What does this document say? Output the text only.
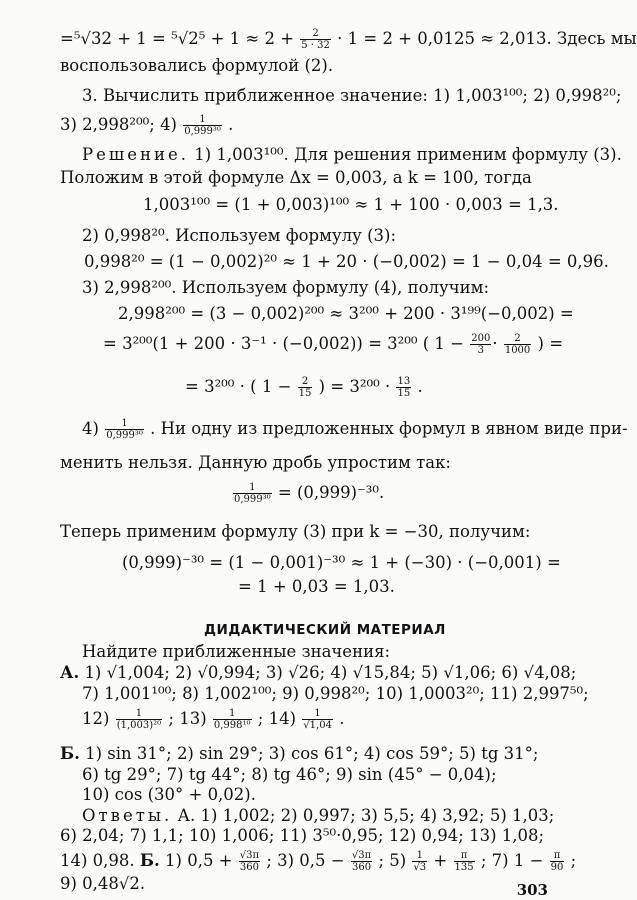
$=^5√32 + 1 = ^5√2^5 + 1 \approx 2 + \frac{2}{5 \cdot 32} \cdot 1 = 2 + 0,0125 \approx 2,013$. Здесь мы
воспользовались формулой (2).
3. Вычислить приближенное значение: 1) 1,003¹⁰⁰; 2) 0,998²⁰;
3) 2,998²⁰⁰; $4) \frac{1}{\text{0,999³⁰}}$ .
Решение. 1) 1,003¹⁰⁰. Для решения применим формулу (3).
Положим в этой формуле Δx = 0,003, а k = 100, тогда
1,003¹⁰⁰ = (1 + 0,003)¹⁰⁰ ≈ 1 + 100 · 0,003 = 1,3.
2) 0,998²⁰. Используем формулу (3):
0,998²⁰ = (1 − 0,002)²⁰ ≈ 1 + 20 · (−0,002) = 1 − 0,04 = 0,96.
3) 2,998²⁰⁰. Используем формулу (4), получим:
2,998²⁰⁰ = (3 − 0,002)²⁰⁰ ≈ 3²⁰⁰ + 200 · 3¹⁹⁹(−0,002) =
= 3²⁰⁰(1 + 200 · 3⁻¹ · (−0,002)) = 3²⁰⁰ ( $1 - \frac{200}{3} \cdot \frac{2}{1000}$ ) =
= 3²⁰⁰ · ( $1 - \frac{2}{15}$ ) = $3^{200} \cdot \frac{13}{15}$ .
$4) \frac{1}{\text{0,999³⁰}}$ . Ни одну из предложенных формул в явном виде при-
менить нельзя. Данную дробь упростим так:
$\frac{1}{\text{0,999³⁰}} = (0,999)^{-30}$.
Теперь применим формулу (3) при k = −30, получим:
(0,999)⁻³⁰ = (1 − 0,001)⁻³⁰ ≈ 1 + (−30) · (−0,001) =
= 1 + 0,03 = 1,03.
ДИДАКТИЧЕСКИЙ МАТЕРИАЛ
Найдите приближенные значения:
А. 1) √1,004; 2) √0,994; 3) √26; 4) √15,84; 5) √1,06; 6) √4,08;
7) 1,001¹⁰⁰; 8) 1,002¹⁰⁰; 9) 0,998²⁰; 10) 1,0003²⁰; 11) 2,997⁵⁰;
$12) \frac{1}{\text{(1,003)²⁰}}$ ; $13) \frac{1}{\text{0,998¹⁰}}$ ; $14) \frac{1}{√1,04}$ .
Б. 1) sin 31°; 2) sin 29°; 3) cos 61°; 4) cos 59°; 5) tg 31°;
6) tg 29°; 7) tg 44°; 8) tg 46°; 9) sin (45° − 0,04);
10) cos (30° + 0,02).
Ответы. А. 1) 1,002; 2) 0,997; 3) 5,5; 4) 3,92; 5) 1,03;
6) 2,04; 7) 1,1; 10) 1,006; 11) 3⁵⁰·0,95; 12) 0,94; 13) 1,08;
14) 0,98. Б. 1) $0,5 + \frac{√3\pi}{360}$ ; 3) $0,5 - \frac{√3\pi}{360}$ ; $5) \frac{1}{√3} + \frac{\pi}{135}$ ; 7) $1 - \frac{\pi}{90}$ ;
9) 0,48√2.	303
